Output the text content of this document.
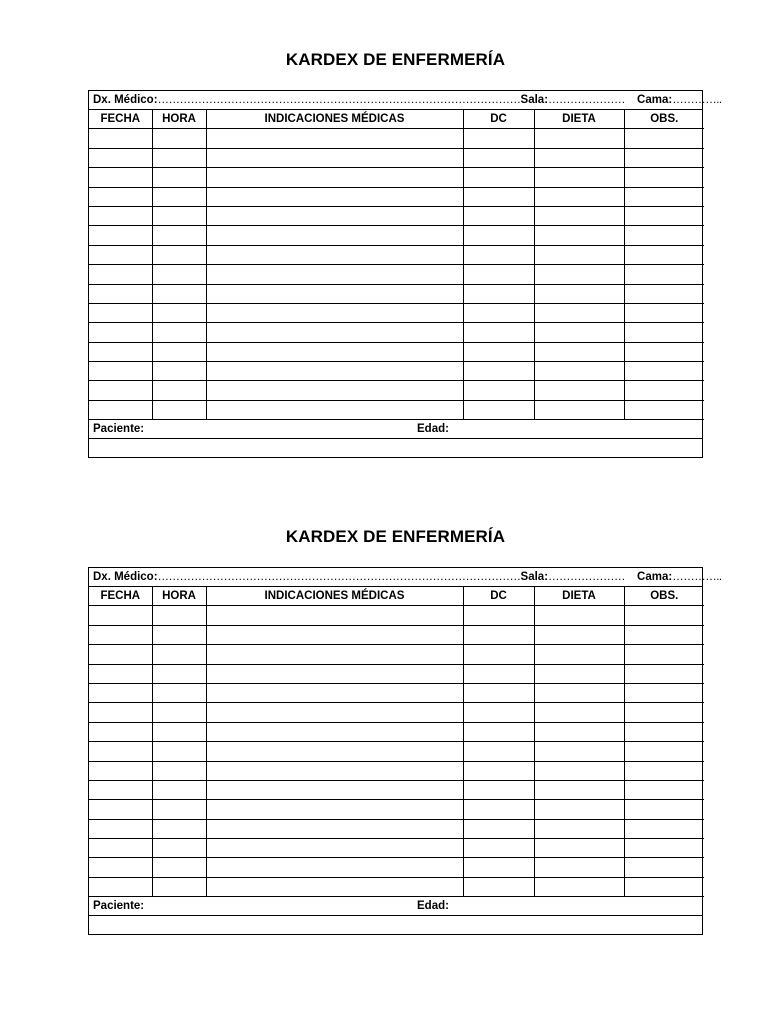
KARDEX DE ENFERMERÍA
Dx. Médico:………………………………………………………………………………………Sala:………………… Cama:…………..
FECHA	HORA	INDICACIONES MÉDICAS	DC	DIETA	OBS.

Paciente:	Edad:
KARDEX DE ENFERMERÍA
Dx. Médico:………………………………………………………………………………………Sala:………………… Cama:…………..
FECHA	HORA	INDICACIONES MÉDICAS	DC	DIETA	OBS.

Paciente:	Edad:
